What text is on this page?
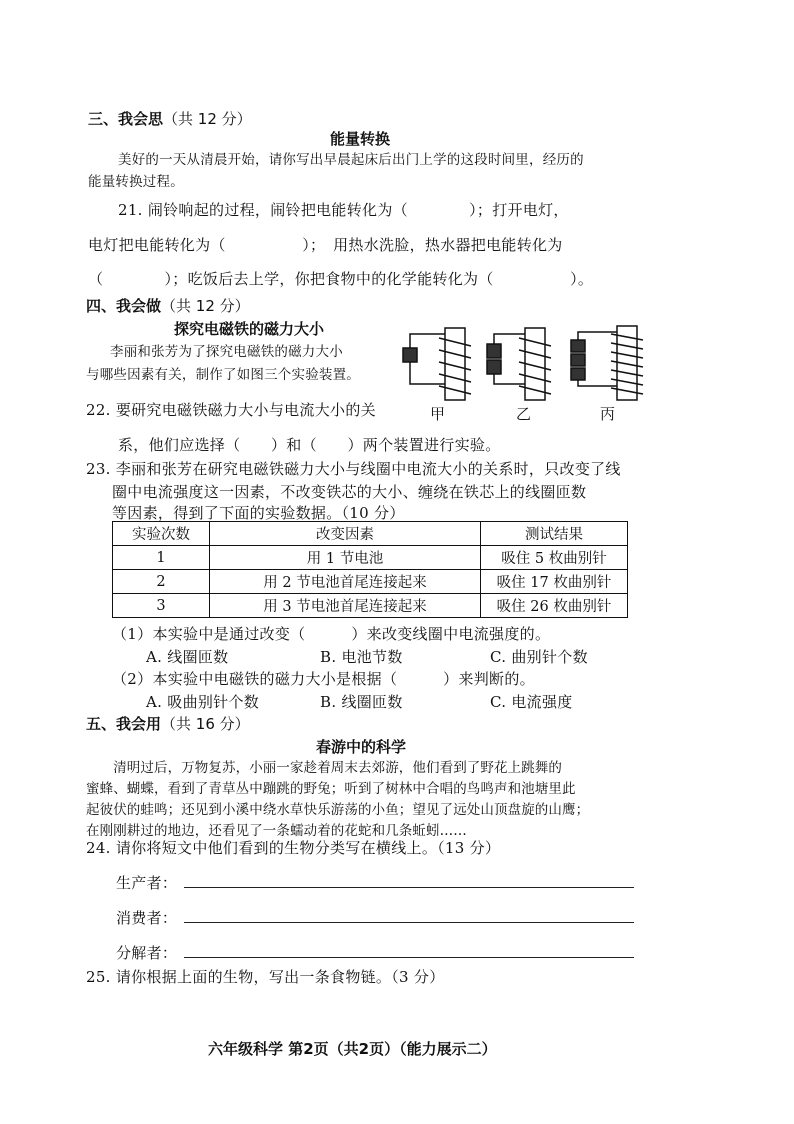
三、我会思（共 12 分）
能量转换
美好的一天从清晨开始，请你写出早晨起床后出门上学的这段时间里，经历的
能量转换过程。
21. 闹铃响起的过程，闹铃把电能转化为（　　　　）；打开电灯，
电灯把电能转化为（　　　　　）；　用热水洗脸，热水器把电能转化为
（　　　　）；吃饭后去上学，你把食物中的化学能转化为（　　　　　）。
四、我会做（共 12 分）
探究电磁铁的磁力大小
李丽和张芳为了探究电磁铁的磁力大小
与哪些因素有关，制作了如图三个实验装置。
甲	乙	丙
22. 要研究电磁铁磁力大小与电流大小的关
系，他们应选择（　　）和（　　）两个装置进行实验。
23. 李丽和张芳在研究电磁铁磁力大小与线圈中电流大小的关系时，只改变了线
圈中电流强度这一因素，不改变铁芯的大小、缠绕在铁芯上的线圈匝数
等因素，得到了下面的实验数据。（10 分）
实验次数	改变因素	测试结果
1	用 1 节电池	吸住 5 枚曲别针
2	用 2 节电池首尾连接起来	吸住 17 枚曲别针
3	用 3 节电池首尾连接起来	吸住 26 枚曲别针
（1）本实验中是通过改变（　　　）来改变线圈中电流强度的。
A. 线圈匝数	B. 电池节数	C. 曲别针个数
（2）本实验中电磁铁的磁力大小是根据（　　　）来判断的。
A. 吸曲别针个数	B. 线圈匝数	C. 电流强度
五、我会用（共 16 分）
春游中的科学
　　清明过后，万物复苏，小丽一家趁着周末去郊游，他们看到了野花上跳舞的
蜜蜂、蝴蝶，看到了青草丛中蹦跳的野兔；听到了树林中合唱的鸟鸣声和池塘里此
起彼伏的蛙鸣；还见到小溪中绕水草快乐游荡的小鱼；望见了远处山顶盘旋的山鹰；
在刚刚耕过的地边，还看见了一条蠕动着的花蛇和几条蚯蚓……
24. 请你将短文中他们看到的生物分类写在横线上。（13 分）
生产者：
消费者：
分解者：
25. 请你根据上面的生物，写出一条食物链。（3 分）
六年级科学 第2页（共2页）（能力展示二）
